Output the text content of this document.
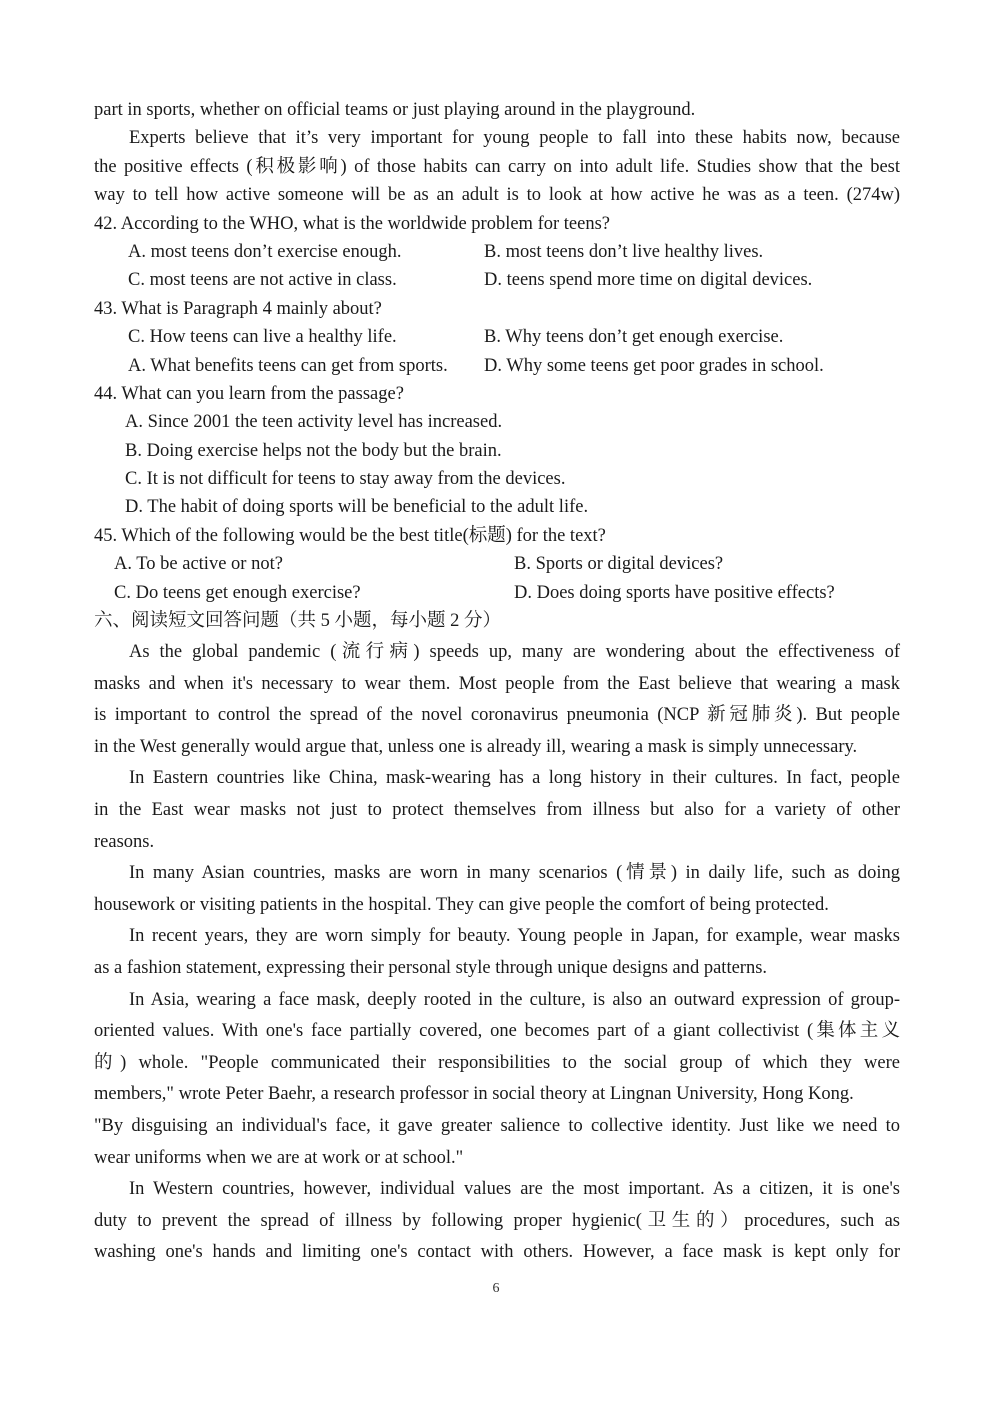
part in sports, whether on official teams or just playing around in the playground.
Experts believe that it’s very important for young people to fall into these habits now, because
the positive effects (积极影响) of those habits can carry on into adult life. Studies show that the best
way to tell how active someone will be as an adult is to look at how active he was as a teen. (274w)
42. According to the WHO, what is the worldwide problem for teens?
A. most teens don’t exercise enough.	B. most teens don’t live healthy lives.
C. most teens are not active in class.	D. teens spend more time on digital devices.
43. What is Paragraph 4 mainly about?
C. How teens can live a healthy life.	B. Why teens don’t get enough exercise.
A. What benefits teens can get from sports.	D. Why some teens get poor grades in school.
44. What can you learn from the passage?
A. Since 2001 the teen activity level has increased.
B. Doing exercise helps not the body but the brain.
C. It is not difficult for teens to stay away from the devices.
D. The habit of doing sports will be beneficial to the adult life.
45. Which of the following would be the best title(标题) for the text?
A. To be active or not?	B. Sports or digital devices?
C. Do teens get enough exercise?	D. Does doing sports have positive effects?
六、阅读短文回答问题（共 5 小题，每小题 2 分）
As the global pandemic (流行病) speeds up, many are wondering about the effectiveness of
masks and when it's necessary to wear them. Most people from the East believe that wearing a mask
is important to control the spread of the novel coronavirus pneumonia (NCP 新冠肺炎). But people
in the West generally would argue that, unless one is already ill, wearing a mask is simply unnecessary.
In Eastern countries like China, mask-wearing has a long history in their cultures. In fact, people
in the East wear masks not just to protect themselves from illness but also for a variety of other
reasons.
In many Asian countries, masks are worn in many scenarios (情景) in daily life, such as doing
housework or visiting patients in the hospital. They can give people the comfort of being protected.
In recent years, they are worn simply for beauty. Young people in Japan, for example, wear masks
as a fashion statement, expressing their personal style through unique designs and patterns.
In Asia, wearing a face mask, deeply rooted in the culture, is also an outward expression of group-
oriented values. With one's face partially covered, one becomes part of a giant collectivist (集体主义
的) whole. "People communicated their responsibilities to the social group of which they were
members," wrote Peter Baehr, a research professor in social theory at Lingnan University, Hong Kong.
"By disguising an individual's face, it gave greater salience to collective identity. Just like we need to
wear uniforms when we are at work or at school."
In Western countries, however, individual values are the most important. As a citizen, it is one's
duty to prevent the spread of illness by following proper hygienic(卫生的）procedures, such as
washing one's hands and limiting one's contact with others. However, a face mask is kept only for
6
